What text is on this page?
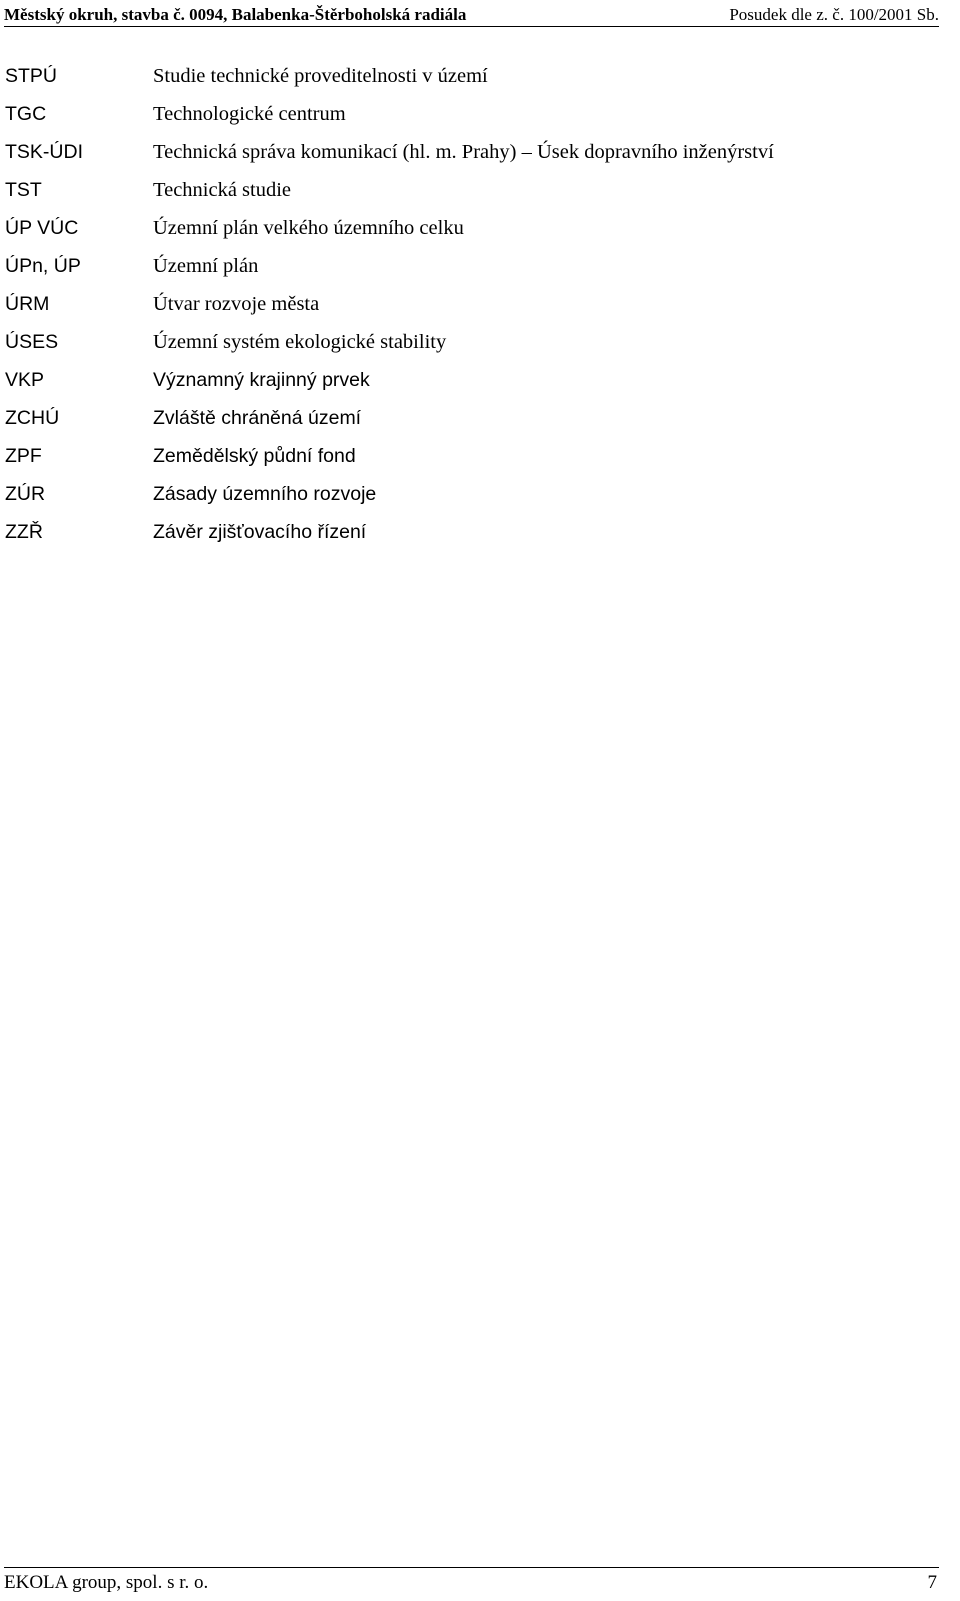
Městský okruh, stavba č. 0094, Balabenka-Štěrboholská radiála	Posudek dle z. č. 100/2001 Sb.
STPÚ	Studie technické proveditelnosti v území
TGC	Technologické centrum
TSK-ÚDI	Technická správa komunikací (hl. m. Prahy) – Úsek dopravního inženýrství
TST	Technická studie
ÚP VÚC	Územní plán velkého územního celku
ÚPn, ÚP	Územní plán
ÚRM	Útvar rozvoje města
ÚSES	Územní systém ekologické stability
VKP	Významný krajinný prvek
ZCHÚ	Zvláště chráněná území
ZPF	Zemědělský půdní fond
ZÚR	Zásady územního rozvoje
ZZŘ	Závěr zjišťovacího řízení
EKOLA group, spol. s r. o.	7
